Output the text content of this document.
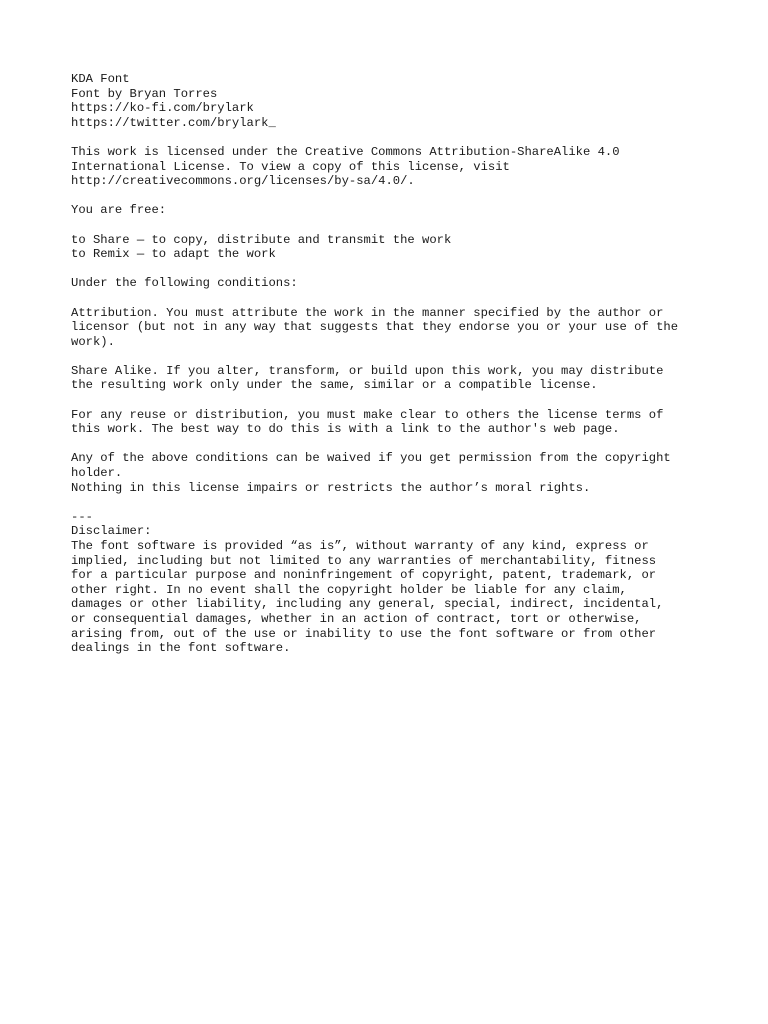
KDA Font
Font by Bryan Torres
https://ko-fi.com/brylark
https://twitter.com/brylark_
This work is licensed under the Creative Commons Attribution-ShareAlike 4.0
International License. To view a copy of this license, visit
http://creativecommons.org/licenses/by-sa/4.0/.
You are free:
to Share — to copy, distribute and transmit the work
to Remix — to adapt the work
Under the following conditions:
Attribution. You must attribute the work in the manner specified by the author or
licensor (but not in any way that suggests that they endorse you or your use of the
work).
Share Alike. If you alter, transform, or build upon this work, you may distribute
the resulting work only under the same, similar or a compatible license.
For any reuse or distribution, you must make clear to others the license terms of
this work. The best way to do this is with a link to the author's web page.
Any of the above conditions can be waived if you get permission from the copyright
holder.
Nothing in this license impairs or restricts the author’s moral rights.
---
Disclaimer:
The font software is provided “as is”, without warranty of any kind, express or
implied, including but not limited to any warranties of merchantability, fitness
for a particular purpose and noninfringement of copyright, patent, trademark, or
other right. In no event shall the copyright holder be liable for any claim,
damages or other liability, including any general, special, indirect, incidental,
or consequential damages, whether in an action of contract, tort or otherwise,
arising from, out of the use or inability to use the font software or from other
dealings in the font software.
